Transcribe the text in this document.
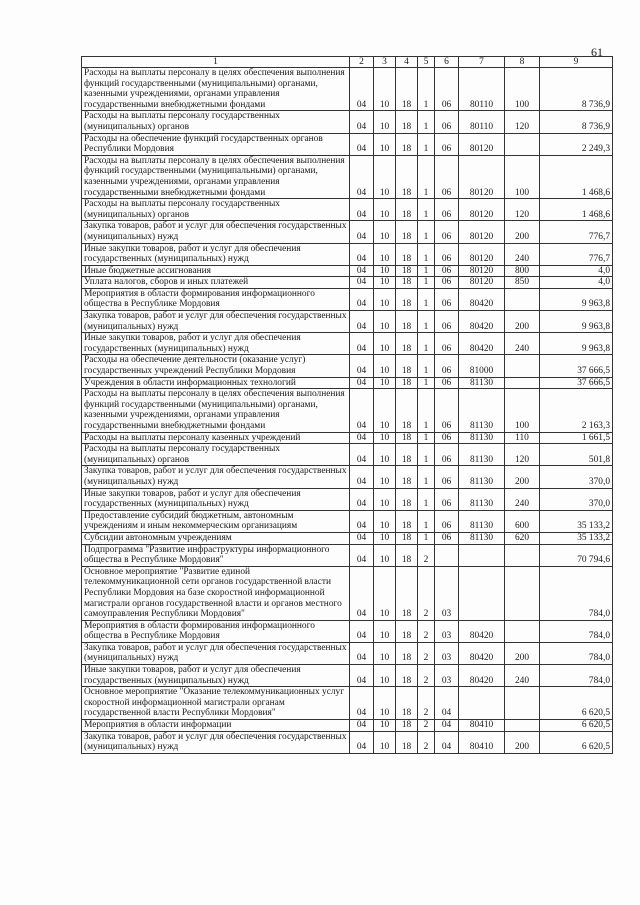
61
1	2	3	4	5	6	7	8	9
Расходы на выплаты персоналу в целях обеспечения выполнения функций государственными (муниципальными) органами, казенными учреждениями, органами управления государственными внебюджетными фондами	04	10	18	1	06	80110	100	8 736,9
Расходы на выплаты персоналу государственных (муниципальных) органов	04	10	18	1	06	80110	120	8 736,9
Расходы на обеспечение функций государственных органов Республики Мордовия	04	10	18	1	06	80120		2 249,3
Расходы на выплаты персоналу в целях обеспечения выполнения функций государственными (муниципальными) органами, казенными учреждениями, органами управления государственными внебюджетными фондами	04	10	18	1	06	80120	100	1 468,6
Расходы на выплаты персоналу государственных (муниципальных) органов	04	10	18	1	06	80120	120	1 468,6
Закупка товаров, работ и услуг для обеспечения государственных (муниципальных) нужд	04	10	18	1	06	80120	200	776,7
Иные закупки товаров, работ и услуг для обеспечения государственных (муниципальных) нужд	04	10	18	1	06	80120	240	776,7
Иные бюджетные ассигнования	04	10	18	1	06	80120	800	4,0
Уплата налогов, сборов и иных платежей	04	10	18	1	06	80120	850	4,0
Мероприятия в области формирования информационного общества в Республике Мордовия	04	10	18	1	06	80420		9 963,8
Закупка товаров, работ и услуг для обеспечения государственных (муниципальных) нужд	04	10	18	1	06	80420	200	9 963,8
Иные закупки товаров, работ и услуг для обеспечения государственных (муниципальных) нужд	04	10	18	1	06	80420	240	9 963,8
Расходы на обеспечение деятельности (оказание услуг) государственных учреждений Республики Мордовия	04	10	18	1	06	81000		37 666,5
Учреждения в области информационных технологий	04	10	18	1	06	81130		37 666,5
Расходы на выплаты персоналу в целях обеспечения выполнения функций государственными (муниципальными) органами, казенными учреждениями, органами управления государственными внебюджетными фондами	04	10	18	1	06	81130	100	2 163,3
Расходы на выплаты персоналу казенных учреждений	04	10	18	1	06	81130	110	1 661,5
Расходы на выплаты персоналу государственных (муниципальных) органов	04	10	18	1	06	81130	120	501,8
Закупка товаров, работ и услуг для обеспечения государственных (муниципальных) нужд	04	10	18	1	06	81130	200	370,0
Иные закупки товаров, работ и услуг для обеспечения государственных (муниципальных) нужд	04	10	18	1	06	81130	240	370,0
Предоставление субсидий бюджетным, автономным учреждениям и иным некоммерческим организациям	04	10	18	1	06	81130	600	35 133,2
Субсидии автономным учреждениям	04	10	18	1	06	81130	620	35 133,2
Подпрограмма "Развитие инфраструктуры информационного общества в Республике Мордовия"	04	10	18	2				70 794,6
Основное мероприятие "Развитие единой телекоммуникационной сети органов государственной власти Республики Мордовия на базе скоростной информационной магистрали органов государственной власти и органов местного самоуправления Республики Мордовия"	04	10	18	2	03			784,0
Мероприятия в области формирования информационного общества в Республике Мордовия	04	10	18	2	03	80420		784,0
Закупка товаров, работ и услуг для обеспечения государственных (муниципальных) нужд	04	10	18	2	03	80420	200	784,0
Иные закупки товаров, работ и услуг для обеспечения государственных (муниципальных) нужд	04	10	18	2	03	80420	240	784,0
Основное мероприятие "Оказание телекоммуникационных услуг скоростной информационной магистрали органам государственной власти Республики Мордовия"	04	10	18	2	04			6 620,5
Мероприятия в области информации	04	10	18	2	04	80410		6 620,5
Закупка товаров, работ и услуг для обеспечения государственных (муниципальных) нужд	04	10	18	2	04	80410	200	6 620,5
